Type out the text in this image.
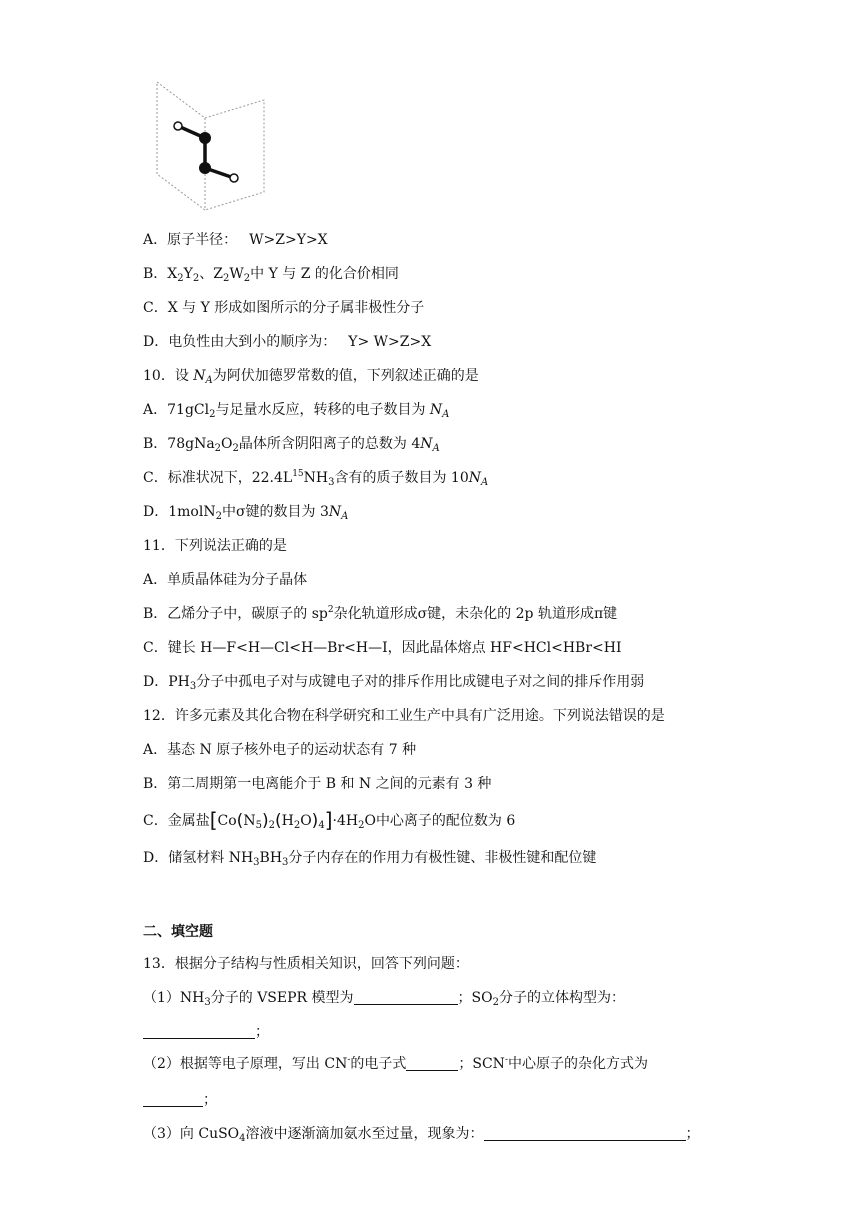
A．原子半径： W>Z>Y>X
B．$X_2Y_2$、$Z_2W_2$中 Y 与 Z 的化合价相同
C．X 与 Y 形成如图所示的分子属非极性分子
D．电负性由大到小的顺序为： Y> W>Z>X
10．设 $N_A$为阿伏加德罗常数的值，下列叙述正确的是
A．71gCl$_2$与足量水反应，转移的电子数目为 $N_A$
B．$78gNa_2O_2$晶体所含阴阳离子的总数为 $4N_A$
C．标准状况下，$22.4L^{15}NH_3$含有的质子数目为 $10N_A$
D．1molN$_2$中σ键的数目为 $3N_A$
11．下列说法正确的是
A．单质晶体硅为分子晶体
B．乙烯分子中，碳原子的 $sp^2$杂化轨道形成σ键，未杂化的 2p 轨道形成π键
C．键长 H—F<H—Cl<H—Br<H—I，因此晶体熔点 HF<HCl<HBr<HI
D．$PH_3$分子中孤电子对与成键电子对的排斥作用比成键电子对之间的排斥作用弱
12．许多元素及其化合物在科学研究和工业生产中具有广泛用途。下列说法错误的是
A．基态 N 原子核外电子的运动状态有 7 种
B．第二周期第一电离能介于 B 和 N 之间的元素有 3 种
C．金属盐$[Co(N_5)_2(H_2O)_4]\cdot 4H_2O$中心离子的配位数为 6
D．储氢材料 $NH_3BH_3$分子内存在的作用力有极性键、非极性键和配位键
二、填空题
13．根据分子结构与性质相关知识，回答下列问题：
$(1)NH_3$分子的 VSEPR 模型为	；$SO_2$分子的立体构型为：
；
（2）根据等电子原理，写出 CN-的电子式	；SCN-中心原子的杂化方式为
；
（3）向 CuSO$_4$溶液中逐渐滴加氨水至过量，现象为：	；
